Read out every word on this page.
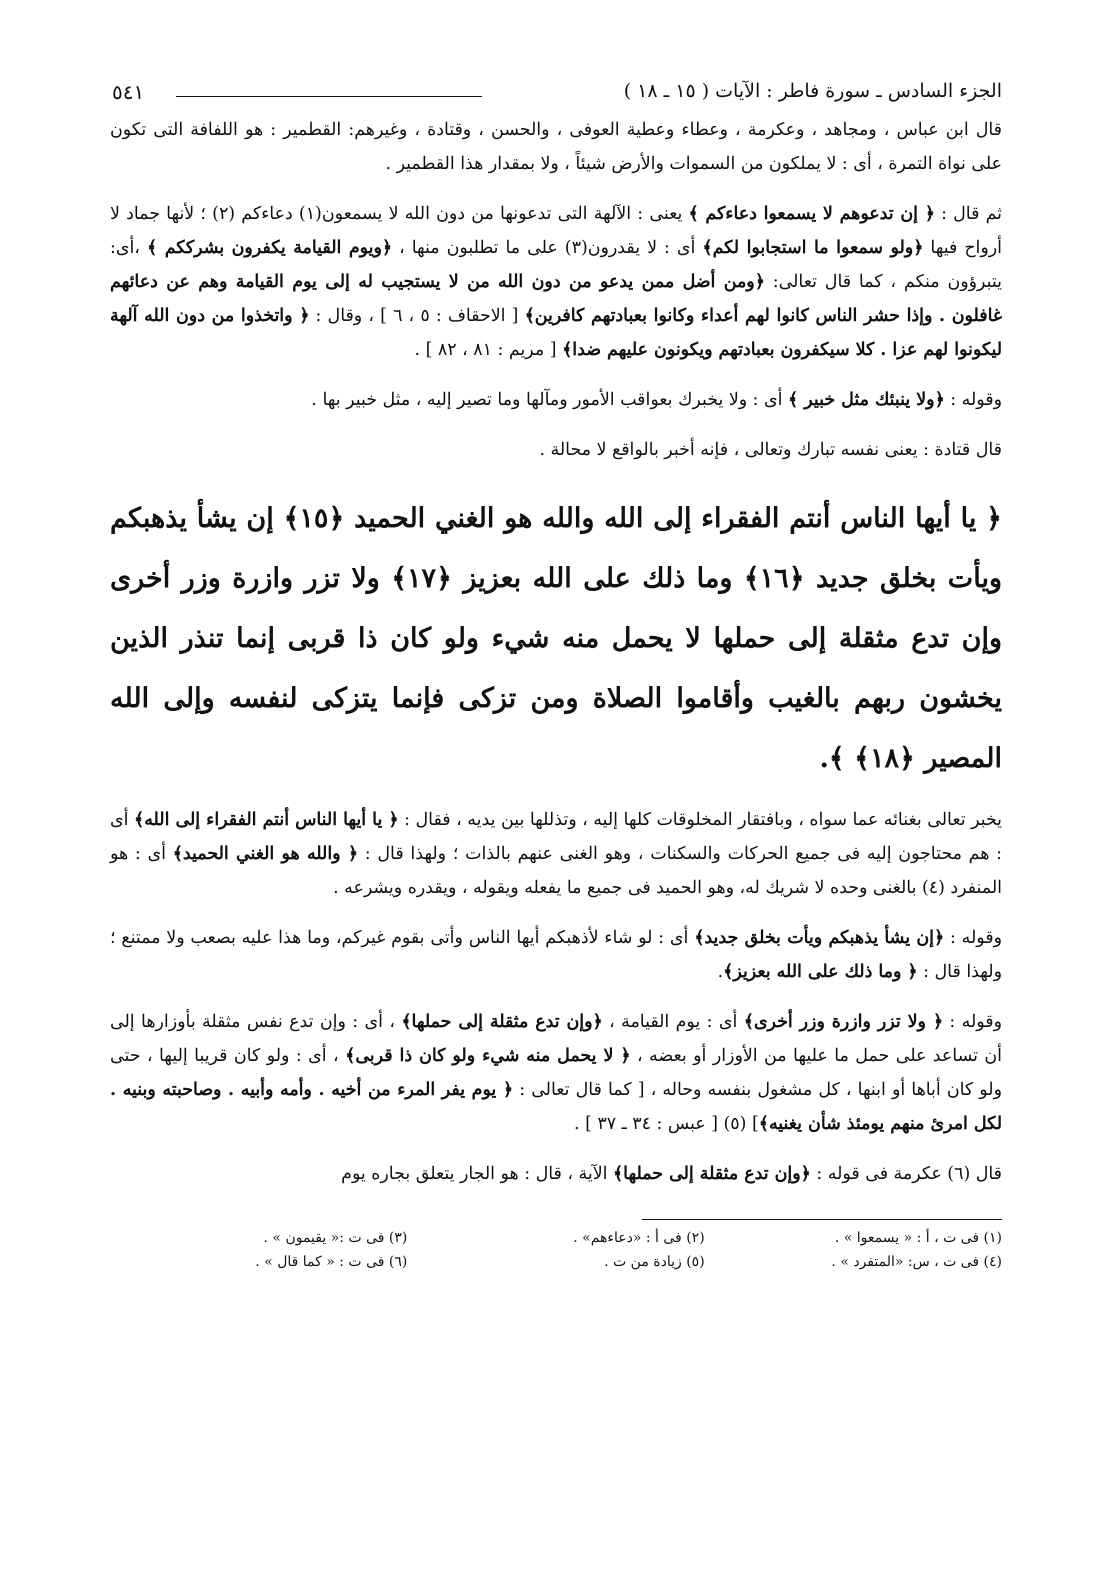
الجزء السادس ـ سورة فاطر : الآيات ( ١٥ ـ ١٨ )
٥٤١

قال ابن عباس ، ومجاهد ، وعكرمة ، وعطاء وعطية العوفى ، والحسن ، وقتادة ، وغيرهم: القطمير : هو اللفافة التى تكون على نواة التمرة ، أى : لا يملكون من السموات والأرض شيئاً ، ولا بمقدار هذا القطمير .

ثم قال : ﴿ إن تدعوهم لا يسمعوا دعاءكم ﴾ يعنى : الآلهة التى تدعونها من دون الله لا يسمعون(١) دعاءكم (٢) ؛ لأنها جماد لا أرواح فيها ﴿ولو سمعوا ما استجابوا لكم﴾ أى : لا يقدرون(٣) على ما تطلبون منها ، ﴿ويوم القيامة يكفرون بشرككم ﴾ ،أى: يتبرؤون منكم ، كما قال تعالى: ﴿ومن أضل ممن يدعو من دون الله من لا يستجيب له إلى يوم القيامة وهم عن دعائهم غافلون . وإذا حشر الناس كانوا لهم أعداء وكانوا بعبادتهم كافرين﴾ [ الاحقاف : ٥ ، ٦ ] ، وقال : ﴿ واتخذوا من دون الله آلهة ليكونوا لهم عزا . كلا سيكفرون بعبادتهم ويكونون عليهم ضدا﴾ [ مريم : ٨١ ، ٨٢ ] .

وقوله : ﴿ولا ينبئك مثل خبير ﴾ أى : ولا يخبرك بعواقب الأمور ومآلها وما تصير إليه ، مثل خبير بها .

قال قتادة : يعنى نفسه تبارك وتعالى ، فإنه أخبر بالواقع لا محالة .

﴿ يا أيها الناس أنتم الفقراء إلى الله والله هو الغني الحميد ﴿١٥﴾ إن يشأ يذهبكم ويأت بخلق جديد ﴿١٦﴾ وما ذلك على الله بعزيز ﴿١٧﴾ ولا تزر وازرة وزر أخرى وإن تدع مثقلة إلى حملها لا يحمل منه شيء ولو كان ذا قربى إنما تنذر الذين يخشون ربهم بالغيب وأقاموا الصلاة ومن تزكى فإنما يتزكى لنفسه وإلى الله المصير ﴿١٨﴾ ﴾.

يخبر تعالى بغنائه عما سواه ، وبافتقار المخلوقات كلها إليه ، وتذللها بين يديه ، فقال : ﴿ يا أيها الناس أنتم الفقراء إلى الله﴾ أى : هم محتاجون إليه فى جميع الحركات والسكنات ، وهو الغنى عنهم بالذات ؛ ولهذا قال : ﴿ والله هو الغني الحميد﴾ أى : هو المنفرد (٤) بالغنى وحده لا شريك له، وهو الحميد فى جميع ما يفعله ويقوله ، ويقدره ويشرعه .

وقوله : ﴿إن يشأ يذهبكم ويأت بخلق جديد﴾ أى : لو شاء لأذهبكم أيها الناس وأتى بقوم غيركم، وما هذا عليه بصعب ولا ممتنع ؛ ولهذا قال : ﴿ وما ذلك على الله بعزيز﴾.

وقوله : ﴿ ولا تزر وازرة وزر أخرى﴾ أى : يوم القيامة ، ﴿وإن تدع مثقلة إلى حملها﴾ ، أى : وإن تدع نفس مثقلة بأوزارها إلى أن تساعد على حمل ما عليها من الأوزار أو بعضه ، ﴿ لا يحمل منه شيء ولو كان ذا قربى﴾ ، أى : ولو كان قريبا إليها ، حتى ولو كان أباها أو ابنها ، كل مشغول بنفسه وحاله ، [ كما قال تعالى : ﴿ يوم يفر المرء من أخيه . وأمه وأبيه . وصاحبته وبنيه . لكل امرئ منهم يومئذ شأن يغنيه﴾] (٥) [ عبس : ٣٤ ـ ٣٧ ] .

قال (٦) عكرمة فى قوله : ﴿وإن تدع مثقلة إلى حملها﴾ الآية ، قال : هو الجار يتعلق بجاره يوم

(١) فى ت ، أ : « يسمعوا » .
(٢) فى أ : «دعاءهم» .
(٣) فى ت :« يقيمون » .
(٤) فى ت ، س: «المتفرد » .
(٥) زيادة من ت .
(٦) فى ت : « كما قال » .
